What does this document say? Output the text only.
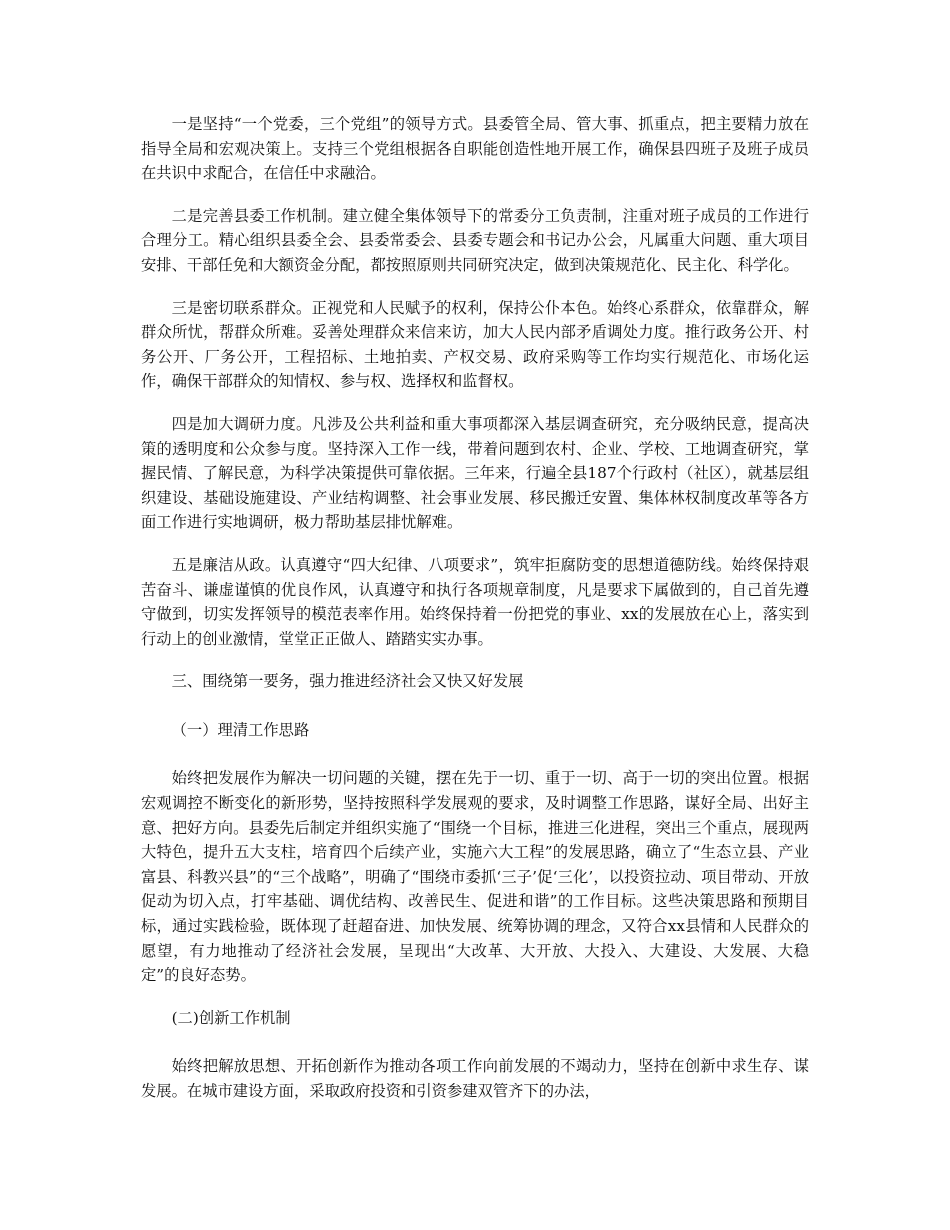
一是坚持“一个党委，三个党组”的领导方式。县委管全局、管大事、抓重点，把主要精力放在指导全局和宏观决策上。支持三个党组根据各自职能创造性地开展工作，确保县四班子及班子成员在共识中求配合，在信任中求融洽。

二是完善县委工作机制。建立健全集体领导下的常委分工负责制，注重对班子成员的工作进行合理分工。精心组织县委全会、县委常委会、县委专题会和书记办公会，凡属重大问题、重大项目安排、干部任免和大额资金分配，都按照原则共同研究决定，做到决策规范化、民主化、科学化。

三是密切联系群众。正视党和人民赋予的权利，保持公仆本色。始终心系群众，依靠群众，解群众所忧，帮群众所难。妥善处理群众来信来访，加大人民内部矛盾调处力度。推行政务公开、村务公开、厂务公开，工程招标、土地拍卖、产权交易、政府采购等工作均实行规范化、市场化运作，确保干部群众的知情权、参与权、选择权和监督权。

四是加大调研力度。凡涉及公共利益和重大事项都深入基层调查研究，充分吸纳民意，提高决策的透明度和公众参与度。坚持深入工作一线，带着问题到农村、企业、学校、工地调查研究，掌握民情、了解民意，为科学决策提供可靠依据。三年来，行遍全县187个行政村（社区），就基层组织建设、基础设施建设、产业结构调整、社会事业发展、移民搬迁安置、集体林权制度改革等各方面工作进行实地调研，极力帮助基层排忧解难。

五是廉洁从政。认真遵守“四大纪律、八项要求”，筑牢拒腐防变的思想道德防线。始终保持艰苦奋斗、谦虚谨慎的优良作风，认真遵守和执行各项规章制度，凡是要求下属做到的，自己首先遵守做到，切实发挥领导的模范表率作用。始终保持着一份把党的事业、xx的发展放在心上，落实到行动上的创业激情，堂堂正正做人、踏踏实实办事。

三、围绕第一要务，强力推进经济社会又快又好发展

（一）理清工作思路

始终把发展作为解决一切问题的关键，摆在先于一切、重于一切、高于一切的突出位置。根据宏观调控不断变化的新形势，坚持按照科学发展观的要求，及时调整工作思路，谋好全局、出好主意、把好方向。县委先后制定并组织实施了“围绕一个目标，推进三化进程，突出三个重点，展现两大特色，提升五大支柱，培育四个后续产业，实施六大工程”的发展思路，确立了“生态立县、产业富县、科教兴县”的“三个战略”，明确了“围绕市委抓‘三子’促‘三化’，以投资拉动、项目带动、开放促动为切入点，打牢基础、调优结构、改善民生、促进和谐”的工作目标。这些决策思路和预期目标，通过实践检验，既体现了赶超奋进、加快发展、统筹协调的理念，又符合xx县情和人民群众的愿望，有力地推动了经济社会发展，呈现出“大改革、大开放、大投入、大建设、大发展、大稳定”的良好态势。

(二)创新工作机制

始终把解放思想、开拓创新作为推动各项工作向前发展的不竭动力，坚持在创新中求生存、谋发展。在城市建设方面，采取政府投资和引资参建双管齐下的办法，
